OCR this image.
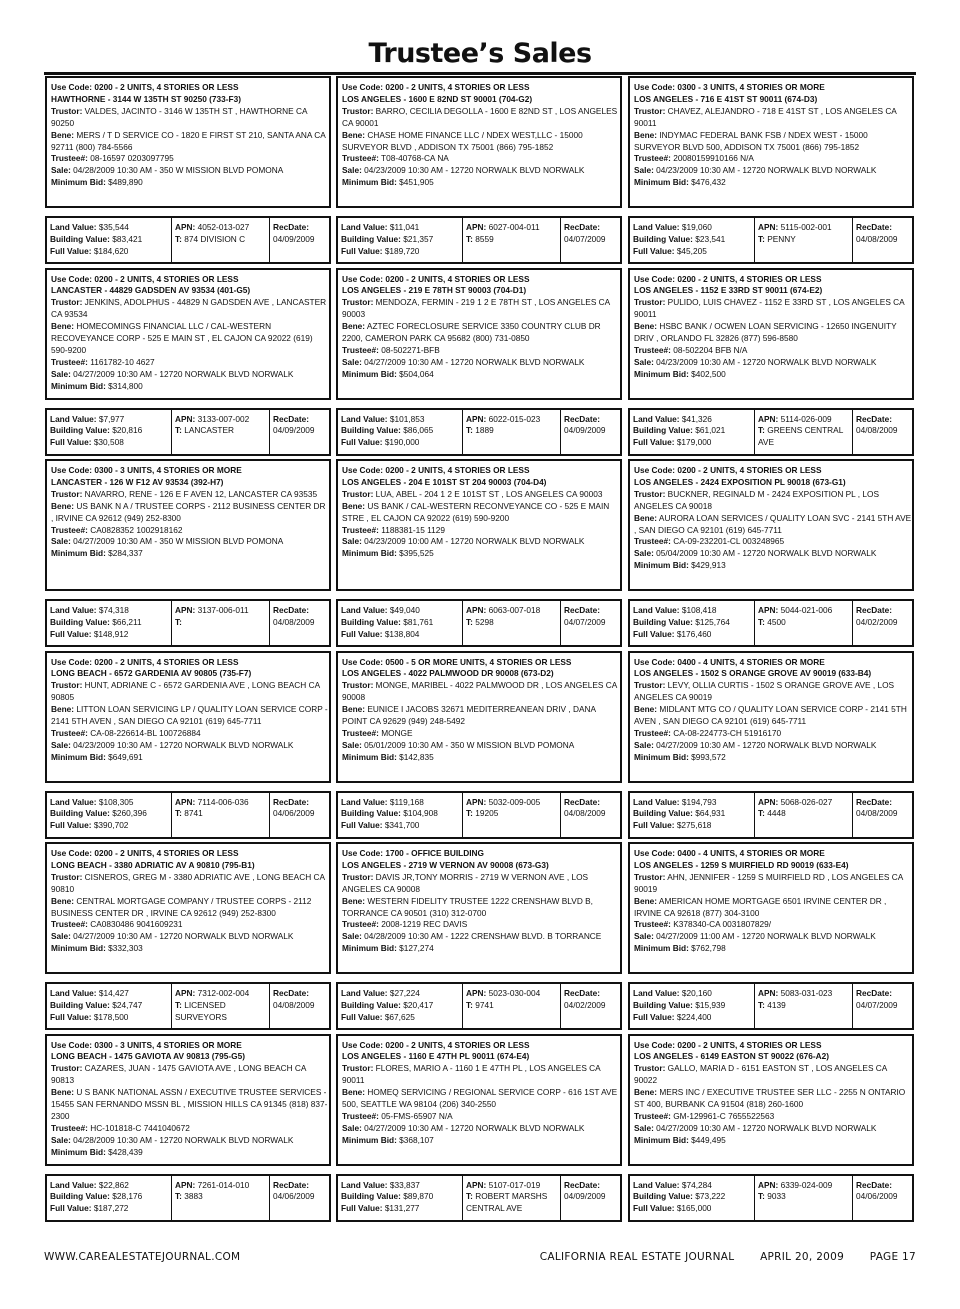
Trustee’s Sales
Use Code: 0200 - 2 UNITS, 4 STORIES OR LESS
HAWTHORNE - 3144 W 135TH ST 90250 (733-F3)
Trustor: VALDES, JACINTO - 3146 W 135TH ST , HAWTHORNE CA 90250
Bene: MERS / T D SERVICE CO - 1820 E FIRST ST 210, SANTA ANA CA 92711 (800) 784-5566
Trustee#: 08-16597 0203097795
Sale: 04/28/2009 10:30 AM - 350 W MISSION BLVD POMONA
Minimum Bid: $489,890
Land Value: $35,544
Building Value: $83,421
Full Value: $184,620
APN: 4052-013-027
T: 874 DIVISION C
RecDate:
04/09/2009
Use Code: 0200 - 2 UNITS, 4 STORIES OR LESS
LANCASTER - 44829 GADSDEN AV 93534 (401-G5)
Trustor: JENKINS, ADOLPHUS - 44829 N GADSDEN AVE , LANCASTER CA 93534
Bene: HOMECOMINGS FINANCIAL LLC / CAL-WESTERN RECOVEYANCE CORP - 525 E MAIN ST , EL CAJON CA 92022 (619) 590-9200
Trustee#: 1161782-10 4627
Sale: 04/27/2009 10:30 AM - 12720 NORWALK BLVD NORWALK
Minimum Bid: $314,800
Land Value: $7,977
Building Value: $20,816
Full Value: $30,508
APN: 3133-007-002
T: LANCASTER
RecDate:
04/09/2009
Use Code: 0300 - 3 UNITS, 4 STORIES OR MORE
LANCASTER - 126 W F12 AV 93534 (392-H7)
Trustor: NAVARRO, RENE - 126 E F AVEN 12, LANCASTER CA 93535
Bene: US BANK N A / TRUSTEE CORPS - 2112 BUSINESS CENTER DR , IRVINE CA 92612 (949) 252-8300
Trustee#: CA0828352 1002918162
Sale: 04/27/2009 10:30 AM - 350 W MISSION BLVD POMONA
Minimum Bid: $284,337
Land Value: $74,318
Building Value: $66,211
Full Value: $148,912
APN: 3137-006-011
T:
RecDate:
04/08/2009
Use Code: 0200 - 2 UNITS, 4 STORIES OR LESS
LONG BEACH - 6572 GARDENIA AV 90805 (735-F7)
Trustor: HUNT, ADRIANE C - 6572 GARDENIA AVE , LONG BEACH CA 90805
Bene: LITTON LOAN SERVICING LP / QUALITY LOAN SERVICE CORP - 2141 5TH AVEN , SAN DIEGO CA 92101 (619) 645-7711
Trustee#: CA-08-226614-BL 100726884
Sale: 04/23/2009 10:30 AM - 12720 NORWALK BLVD NORWALK
Minimum Bid: $649,691
Land Value: $108,305
Building Value: $260,396
Full Value: $390,702
APN: 7114-006-036
T: 8741
RecDate:
04/06/2009
Use Code: 0200 - 2 UNITS, 4 STORIES OR LESS
LONG BEACH - 3380 ADRIATIC AV A 90810 (795-B1)
Trustor: CISNEROS, GREG M - 3380 ADRIATIC AVE , LONG BEACH CA 90810
Bene: CENTRAL MORTGAGE COMPANY / TRUSTEE CORPS - 2112 BUSINESS CENTER DR , IRVINE CA 92612 (949) 252-8300
Trustee#: CA0830486 9041609231
Sale: 04/27/2009 10:30 AM - 12720 NORWALK BLVD NORWALK
Minimum Bid: $332,303
Land Value: $14,427
Building Value: $24,747
Full Value: $178,500
APN: 7312-002-004
T: LICENSED SURVEYORS
RecDate:
04/08/2009
Use Code: 0300 - 3 UNITS, 4 STORIES OR MORE
LONG BEACH - 1475 GAVIOTA AV 90813 (795-G5)
Trustor: CAZARES, JUAN - 1475 GAVIOTA AVE , LONG BEACH CA 90813
Bene: U S BANK NATIONAL ASSN / EXECUTIVE TRUSTEE SERVICES - 15455 SAN FERNANDO MSSN BL , MISSION HILLS CA 91345 (818) 837-2300
Trustee#: HC-101818-C 7441040672
Sale: 04/28/2009 10:30 AM - 12720 NORWALK BLVD NORWALK
Minimum Bid: $428,439
Land Value: $22,862
Building Value: $28,176
Full Value: $187,272
APN: 7261-014-010
T: 3883
RecDate:
04/06/2009
Use Code: 0200 - 2 UNITS, 4 STORIES OR LESS
LOS ANGELES - 1600 E 82ND ST 90001 (704-G2)
Trustor: BARRO, CECILIA DEGOLLA - 1600 E 82ND ST , LOS ANGELES CA 90001
Bene: CHASE HOME FINANCE LLC / NDEX WEST,LLC - 15000 SURVEYOR BLVD , ADDISON TX 75001 (866) 795-1852
Trustee#: T08-40768-CA NA
Sale: 04/23/2009 10:30 AM - 12720 NORWALK BLVD NORWALK
Minimum Bid: $451,905
Land Value: $11,041
Building Value: $21,357
Full Value: $189,720
APN: 6027-004-011
T: 8559
RecDate:
04/07/2009
Use Code: 0200 - 2 UNITS, 4 STORIES OR LESS
LOS ANGELES - 219 E 78TH ST 90003 (704-D1)
Trustor: MENDOZA, FERMIN - 219 1 2 E 78TH ST , LOS ANGELES CA 90003
Bene: AZTEC FORECLOSURE SERVICE 3350 COUNTRY CLUB DR 2200, CAMERON PARK CA 95682 (800) 731-0850
Trustee#: 08-502271-BFB
Sale: 04/27/2009 10:30 AM - 12720 NORWALK BLVD NORWALK
Minimum Bid: $504,064
Land Value: $101,853
Building Value: $86,065
Full Value: $190,000
APN: 6022-015-023
T: 1889
RecDate:
04/09/2009
Use Code: 0200 - 2 UNITS, 4 STORIES OR LESS
LOS ANGELES - 204 E 101ST ST 204 90003 (704-D4)
Trustor: LUA, ABEL - 204 1 2 E 101ST ST , LOS ANGELES CA 90003
Bene: US BANK / CAL-WESTERN RECONVEYANCE CO - 525 E MAIN STRE , EL CAJON CA 92022 (619) 590-9200
Trustee#: 1188381-15 1129
Sale: 04/23/2009 10:00 AM - 12720 NORWALK BLVD NORWALK
Minimum Bid: $395,525
Land Value: $49,040
Building Value: $81,761
Full Value: $138,804
APN: 6063-007-018
T: 5298
RecDate:
04/07/2009
Use Code: 0500 - 5 OR MORE UNITS, 4 STORIES OR LESS
LOS ANGELES - 4022 PALMWOOD DR 90008 (673-D2)
Trustor: MONGE, MARIBEL - 4022 PALMWOOD DR , LOS ANGELES CA 90008
Bene: EUNICE I JACOBS 32671 MEDITERREANEAN DRIV , DANA POINT CA 92629 (949) 248-5492
Trustee#: MONGE
Sale: 05/01/2009 10:30 AM - 350 W MISSION BLVD POMONA
Minimum Bid: $142,835
Land Value: $119,168
Building Value: $104,908
Full Value: $341,700
APN: 5032-009-005
T: 19205
RecDate:
04/08/2009
Use Code: 1700 - OFFICE BUILDING
LOS ANGELES - 2719 W VERNON AV 90008 (673-G3)
Trustor: DAVIS JR,TONY MORRIS - 2719 W VERNON AVE , LOS ANGELES CA 90008
Bene: WESTERN FIDELITY TRUSTEE 1222 CRENSHAW BLVD B, TORRANCE CA 90501 (310) 312-0700
Trustee#: 2008-1219 REC DAVIS
Sale: 04/28/2009 10:30 AM - 1222 CRENSHAW BLVD. B TORRANCE
Minimum Bid: $127,274
Land Value: $27,224
Building Value: $20,417
Full Value: $67,625
APN: 5023-030-004
T: 9741
RecDate:
04/02/2009
Use Code: 0200 - 2 UNITS, 4 STORIES OR LESS
LOS ANGELES - 1160 E 47TH PL 90011 (674-E4)
Trustor: FLORES, MARIO A - 1160 1 E 47TH PL , LOS ANGELES CA 90011
Bene: HOMEQ SERVICING / REGIONAL SERVICE CORP - 616 1ST AVE 500, SEATTLE WA 98104 (206) 340-2550
Trustee#: 05-FMS-65907 N/A
Sale: 04/27/2009 10:30 AM - 12720 NORWALK BLVD NORWALK
Minimum Bid: $368,107
Land Value: $33,837
Building Value: $89,870
Full Value: $131,277
APN: 5107-017-019
T: ROBERT MARSHS CENTRAL AVE
RecDate:
04/09/2009
Use Code: 0300 - 3 UNITS, 4 STORIES OR MORE
LOS ANGELES - 716 E 41ST ST 90011 (674-D3)
Trustor: CHAVEZ, ALEJANDRO - 718 E 41ST ST , LOS ANGELES CA 90011
Bene: INDYMAC FEDERAL BANK FSB / NDEX WEST - 15000 SURVEYOR BLVD 500, ADDISON TX 75001 (866) 795-1852
Trustee#: 20080159910166 N/A
Sale: 04/23/2009 10:30 AM - 12720 NORWALK BLVD NORWALK
Minimum Bid: $476,432
Land Value: $19,060
Building Value: $23,541
Full Value: $45,205
APN: 5115-002-001
T: PENNY
RecDate:
04/08/2009
Use Code: 0200 - 2 UNITS, 4 STORIES OR LESS
LOS ANGELES - 1152 E 33RD ST 90011 (674-E2)
Trustor: PULIDO, LUIS CHAVEZ - 1152 E 33RD ST , LOS ANGELES CA 90011
Bene: HSBC BANK / OCWEN LOAN SERVICING - 12650 INGENUITY DRIV , ORLANDO FL 32826 (877) 596-8580
Trustee#: 08-502204 BFB N/A
Sale: 04/23/2009 10:30 AM - 12720 NORWALK BLVD NORWALK
Minimum Bid: $402,500
Land Value: $41,326
Building Value: $61,021
Full Value: $179,000
APN: 5114-026-009
T: GREENS CENTRAL AVE
RecDate:
04/08/2009
Use Code: 0200 - 2 UNITS, 4 STORIES OR LESS
LOS ANGELES - 2424 EXPOSITION PL 90018 (673-G1)
Trustor: BUCKNER, REGINALD M - 2424 EXPOSITION PL , LOS ANGELES CA 90018
Bene: AURORA LOAN SERVICES / QUALITY LOAN SVC - 2141 5TH AVE , SAN DIEGO CA 92101 (619) 645-7711
Trustee#: CA-09-232201-CL 003248965
Sale: 05/04/2009 10:30 AM - 12720 NORWALK BLVD NORWALK
Minimum Bid: $429,913
Land Value: $108,418
Building Value: $125,764
Full Value: $176,460
APN: 5044-021-006
T: 4500
RecDate:
04/02/2009
Use Code: 0400 - 4 UNITS, 4 STORIES OR MORE
LOS ANGELES - 1502 S ORANGE GROVE AV 90019 (633-B4)
Trustor: LEVY, OLLIA CURTIS - 1502 S ORANGE GROVE AVE , LOS ANGELES CA 90019
Bene: MIDLANT MTG CO / QUALITY LOAN SERVICE CORP - 2141 5TH AVEN , SAN DIEGO CA 92101 (619) 645-7711
Trustee#: CA-08-224773-CH 51916170
Sale: 04/27/2009 10:30 AM - 12720 NORWALK BLVD NORWALK
Minimum Bid: $993,572
Land Value: $194,793
Building Value: $64,931
Full Value: $275,618
APN: 5068-026-027
T: 4448
RecDate:
04/08/2009
Use Code: 0400 - 4 UNITS, 4 STORIES OR MORE
LOS ANGELES - 1259 S MUIRFIELD RD 90019 (633-E4)
Trustor: AHN, JENNIFER - 1259 S MUIRFIELD RD , LOS ANGELES CA 90019
Bene: AMERICAN HOME MORTGAGE 6501 IRVINE CENTER DR , IRVINE CA 92618 (877) 304-3100
Trustee#: K378340-CA 0031807829/
Sale: 04/27/2009 11:00 AM - 12720 NORWALK BLVD NORWALK
Minimum Bid: $762,798
Land Value: $20,160
Building Value: $15,939
Full Value: $224,400
APN: 5083-031-023
T: 4139
RecDate:
04/07/2009
Use Code: 0200 - 2 UNITS, 4 STORIES OR LESS
LOS ANGELES - 6149 EASTON ST 90022 (676-A2)
Trustor: GALLO, MARIA D - 6151 EASTON ST , LOS ANGELES CA 90022
Bene: MERS INC / EXECUTIVE TRUSTEE SER LLC - 2255 N ONTARIO ST 400, BURBANK CA 91504 (818) 260-1600
Trustee#: GM-129961-C 7655522563
Sale: 04/27/2009 10:30 AM - 12720 NORWALK BLVD NORWALK
Minimum Bid: $449,495
Land Value: $74,284
Building Value: $73,222
Full Value: $165,000
APN: 6339-024-009
T: 9033
RecDate:
04/06/2009
WWW.CAREALESTATEJOURNAL.COM	CALIFORNIA REAL ESTATE JOURNAL APRIL 20, 2009 PAGE 17
